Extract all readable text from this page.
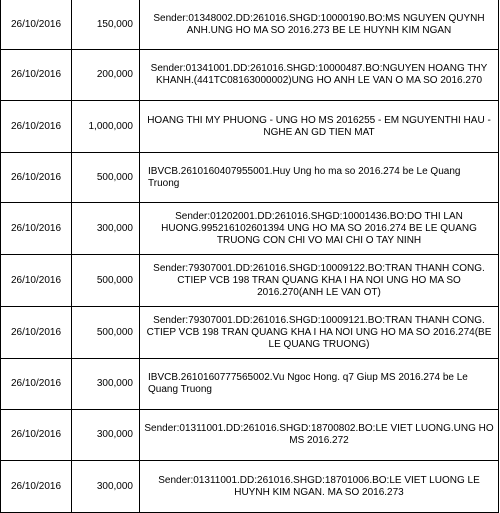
26/10/2016	150,000	Sender:01348002.DD:261016.SHGD:10000190.BO:MS NGUYEN QUYNH ANH.UNG HO MA SO 2016.273 BE LE HUYNH KIM NGAN
26/10/2016	200,000	Sender:01341001.DD:261016.SHGD:10000487.BO:NGUYEN HOANG THY KHANH.(441TC08163000002)UNG HO ANH LE VAN O MA SO 2016.270
26/10/2016	1,000,000	HOANG THI MY PHUONG - UNG HO MS 2016255 - EM NGUYENTHI HAU - NGHE AN GD TIEN MAT
26/10/2016	500,000	IBVCB.2610160407955001.Huy Ung ho ma so 2016.274 be Le Quang Truong
26/10/2016	300,000	Sender:01202001.DD:261016.SHGD:10001436.BO:DO THI LAN HUONG.995216102601394 UNG HO MA SO 2016.274 BE LE QUANG TRUONG CON CHI VO MAI CHI O TAY NINH
26/10/2016	500,000	Sender:79307001.DD:261016.SHGD:10009122.BO:TRAN THANH CONG. CTIEP VCB 198 TRAN QUANG KHA I HA NOI UNG HO MA SO 2016.270(ANH LE VAN OT)
26/10/2016	500,000	Sender:79307001.DD:261016.SHGD:10009121.BO:TRAN THANH CONG. CTIEP VCB 198 TRAN QUANG KHA I HA NOI UNG HO MA SO 2016.274(BE LE QUANG TRUONG)
26/10/2016	300,000	IBVCB.2610160777565002.Vu Ngoc Hong. q7 Giup MS 2016.274 be Le Quang Truong
26/10/2016	300,000	Sender:01311001.DD:261016.SHGD:18700802.BO:LE VIET LUONG.UNG HO MS 2016.272
26/10/2016	300,000	Sender:01311001.DD:261016.SHGD:18701006.BO:LE VIET LUONG LE HUYNH KIM NGAN. MA SO 2016.273
